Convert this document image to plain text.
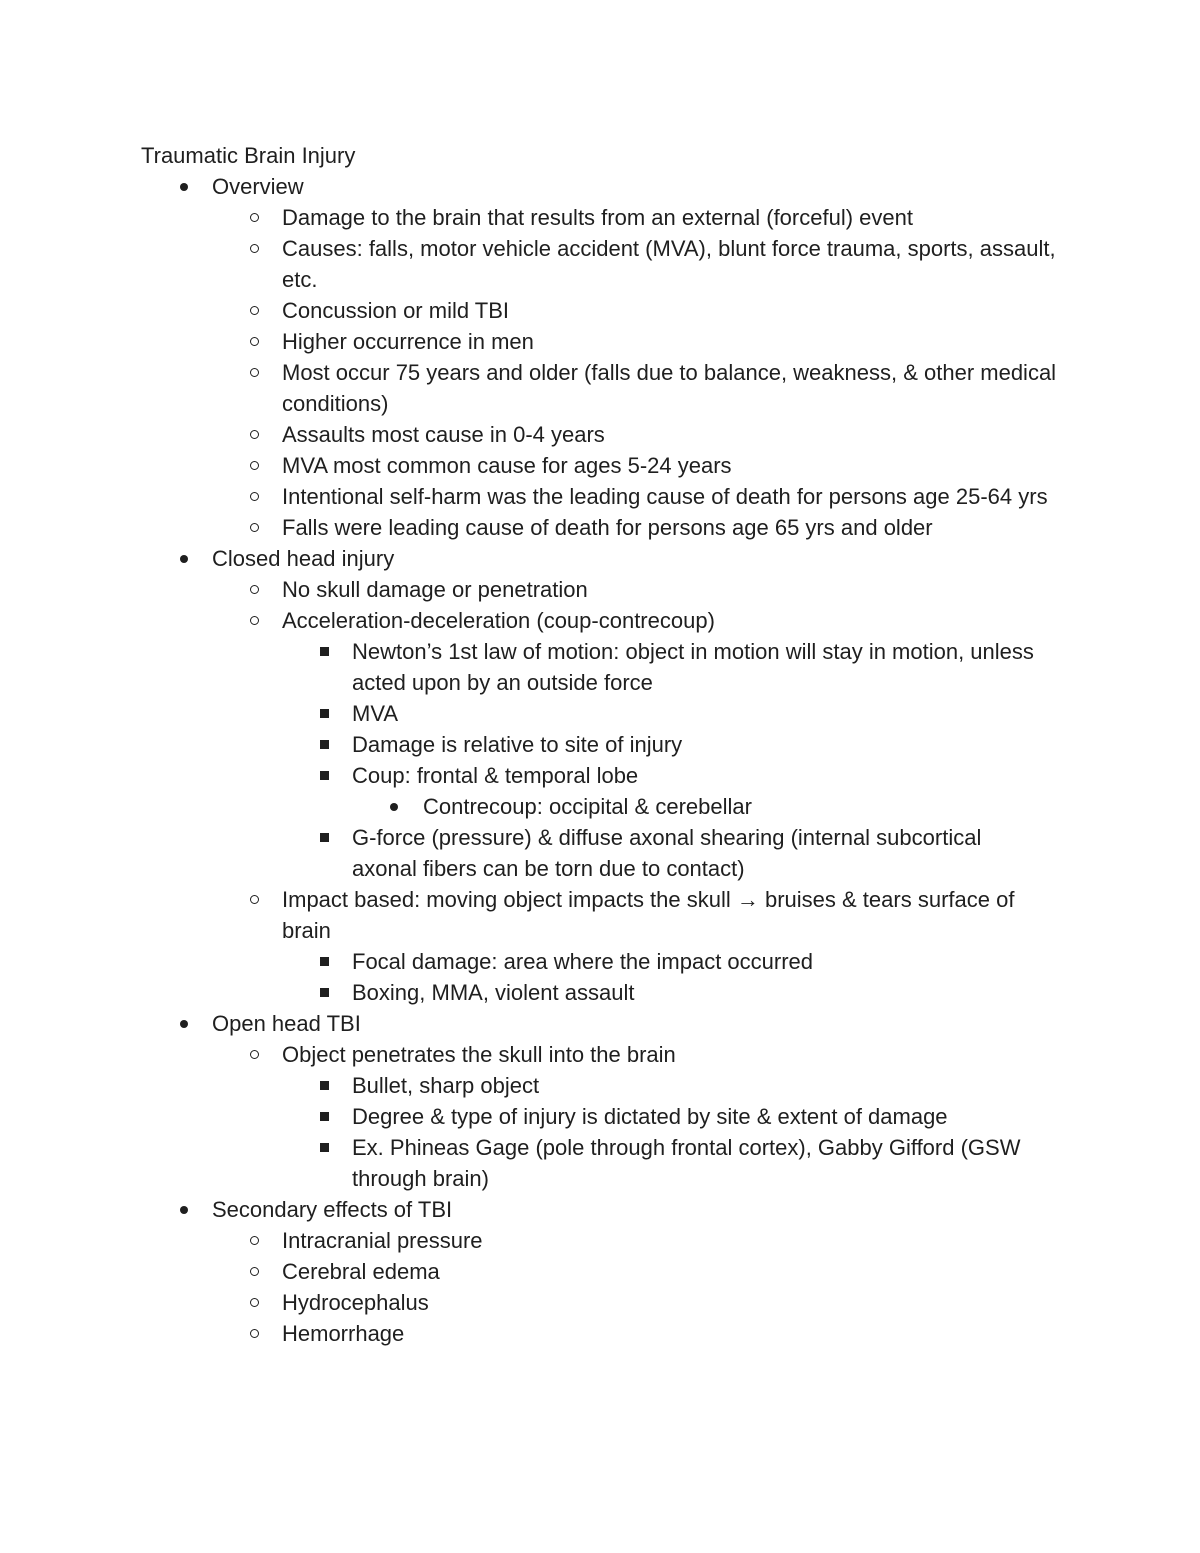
Traumatic Brain Injury
Overview
Damage to the brain that results from an external (forceful) event
Causes: falls, motor vehicle accident (MVA), blunt force trauma, sports, assault, etc.
Concussion or mild TBI
Higher occurrence in men
Most occur 75 years and older (falls due to balance, weakness, & other medical conditions)
Assaults most cause in 0-4 years
MVA most common cause for ages 5-24 years
Intentional self-harm was the leading cause of death for persons age 25-64 yrs
Falls were leading cause of death for persons age 65 yrs and older
Closed head injury
No skull damage or penetration
Acceleration-deceleration (coup-contrecoup)
Newton’s 1st law of motion: object in motion will stay in motion, unless acted upon by an outside force
MVA
Damage is relative to site of injury
Coup: frontal & temporal lobe
Contrecoup: occipital & cerebellar
G-force (pressure) & diffuse axonal shearing (internal subcortical axonal fibers can be torn due to contact)
Impact based: moving object impacts the skull → bruises & tears surface of brain
Focal damage: area where the impact occurred
Boxing, MMA, violent assault
Open head TBI
Object penetrates the skull into the brain
Bullet, sharp object
Degree & type of injury is dictated by site & extent of damage
Ex. Phineas Gage (pole through frontal cortex), Gabby Gifford (GSW through brain)
Secondary effects of TBI
Intracranial pressure
Cerebral edema
Hydrocephalus
Hemorrhage
